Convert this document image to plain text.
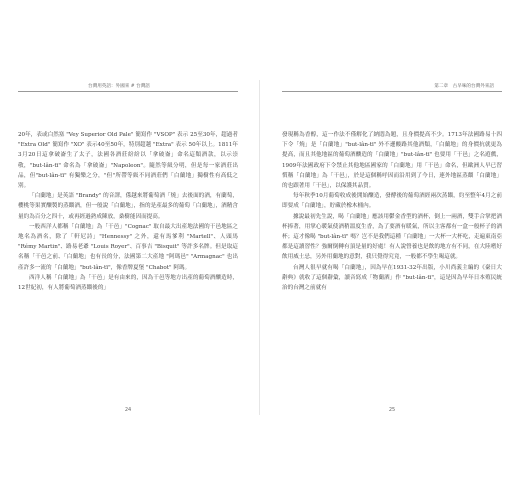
台灣用英語：外國來 # 台灣語

20年，表或白然塞 "Vey Superior Old Pale" 簡寫作 "VSOP" 表示 25至30年，超過者 "Extra Old" 簡寫作 "XO" 表示40至50年，特別超越 "Extra" 表示 50年以上。1811年3月20日這拿破崙生了太子，法國各酒莊紛紛以「拿破崙」命名這類酒款，以示崇敬，"but-lân-tī" 命名為「拿破崙」"Napoleon"。隨然等級分明，但是每一家酒莊出品，但"but-lân-tī" 有獨樂之分，"但"所帶等級不同酒莊們「白蘭地」獨樹性有高低之別。

「白蘭地」是英語 "Brandy" 的音譯，係越來將葡萄酒「燒」去後面的酒，有蘭萄，櫻桃等果實釀製的蒸餾酒，但一般說「白蘭地」，指的是產最多的葡萄「白蘭地」，酒精含量約為百分之四十，或再經過熟成陳放，桑樹能因而提高。

一般西洋人都稱「白蘭地」為「干邑」"Cognac" 取自最大出產地法國的干邑地區之地名為酒名，除了「軒尼詩」"Hennessy" 之外，還有馬爹利 "Martell"、人頭馬 "Rémy Martin"、路易老爺 "Louis Royer"、百事吉 "Bisquit" 等許多名牌。但是取這名稱「干邑之前、「白蘭地」也有長的分，法國第二大產地 "阿瑪邑" "Armagnac" 也出產許多一流的「白蘭地」"but-lân-tī"，像香牌夏堡 "Chabot" 阿瑪。

西洋人稱「白蘭地」為「干邑」是有由來的，因為干邑等地方出產的葡萄酒釀造時，12世紀初，有人將葡萄酒蒸餾後的」

24
第二章　古早味的台灣外來語

發現稱為香醇，這一作法不僅解化了納悶為題，且身價提高不少。1713年法國路易十四下令「燒」是「白蘭地」"but-lân-tī" 外不遜酸路其他酒類，「白蘭地」的身價抗就更為提高，而且其他地區的葡萄酒釀造的「白蘭地」"but-lân-tī" 也要用「干邑」之名遊戲，1909年法國政府下令禁止其他地區國家的「白蘭地」用「干邑」命名，但歐洲人早已習慣稱「白蘭地」為「干邑」，於是這個稱呼因而沿用到了今日，連外地區蒸餾「白蘭地」的也跟著用「干邑」，以保護其品質。

每年秋季10月葡萄收成後開始釀造，發酵後的葡萄酒經兩次蒸餾，約至整年4月之前即要成「白蘭地」，貯藏於橡木桶內。

據說最初先生說，喝「白蘭地」應該用鬱金香型的酒杯，倒上一兩酒，雙手合掌把酒杯捧著，用掌心暖氣使酒稍溫度生香，為了要酒有暖氣，所以主客都有一盒一般杯子的酒杯；這才像喝 "but-lân-tī" 嗎？岂不是我們這種「白蘭地」一大杯一大杯吃，走遍東南亞都是這讀習性？強爾倒轉有頂是量的好處！有人說營養也是飲的地方有不同，在大陸嗜好飲用威士忌，另外用蘭地的意對，我只覺得究竟，一般都不學生喝這就。

台灣人很早就有喝「白蘭地」，因為早在1931-32年出版，小川尚義主編的《臺日大辭典》就收了這個辭彙，讀音寫成「物蘭洒」作 "but-lân-tī"，這是因為早年日本殖民統治的台灣之前就有

25
